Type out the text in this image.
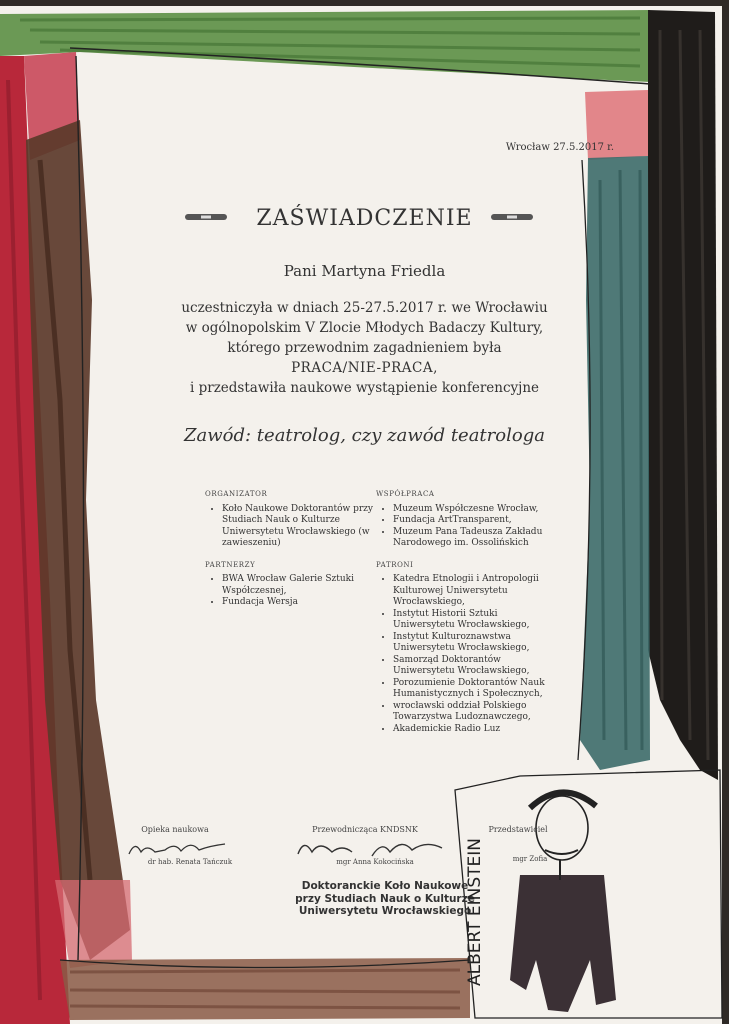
Wrocław 27.5.2017 r.
ZAŚWIADCZENIE
Pani Martyna Friedla
uczestniczyła w dniach 25-27.5.2017 r. we Wrocławiu
w ogólnopolskim V Zlocie Młodych Badaczy Kultury,
którego przewodnim zagadnieniem była
PRACA/NIE-PRACA,
i przedstawiła naukowe wystąpienie konferencyjne
Zawód: teatrolog, czy zawód teatrologa
ORGANIZATOR
• Koło Naukowe Doktorantów przy Studiach Nauk o Kulturze Uniwersytetu Wrocławskiego (w zawieszeniu)
PARTNERZY
• BWA Wrocław Galerie Sztuki Współczesnej,
• Fundacja Wersja
WSPÓŁPRACA
• Muzeum Współczesne Wrocław,
• Fundacja ArtTransparent,
• Muzeum Pana Tadeusza Zakładu Narodowego im. Ossolińskich
PATRONI
• Katedra Etnologii i Antropologii Kulturowej Uniwersytetu Wrocławskiego,
• Instytut Historii Sztuki Uniwersytetu Wrocławskiego,
• Instytut Kulturoznawstwa Uniwersytetu Wrocławskiego,
• Samorząd Doktorantów Uniwersytetu Wrocławskiego,
• Porozumienie Doktorantów Nauk Humanistycznych i Społecznych,
• wrocławski oddział Polskiego Towarzystwa Ludoznawczego,
• Akademickie Radio Luz
Opieka naukowa
dr hab. Renata Tańczuk
Przewodnicząca KNDSNK
mgr Anna Kokocińska
Przedstawiciel
mgr Zofia
Doktoranckie Koło Naukowe
przy Studiach Nauk o Kulturze
Uniwersytetu Wrocławskiego
ALBERT EINSTEIN
